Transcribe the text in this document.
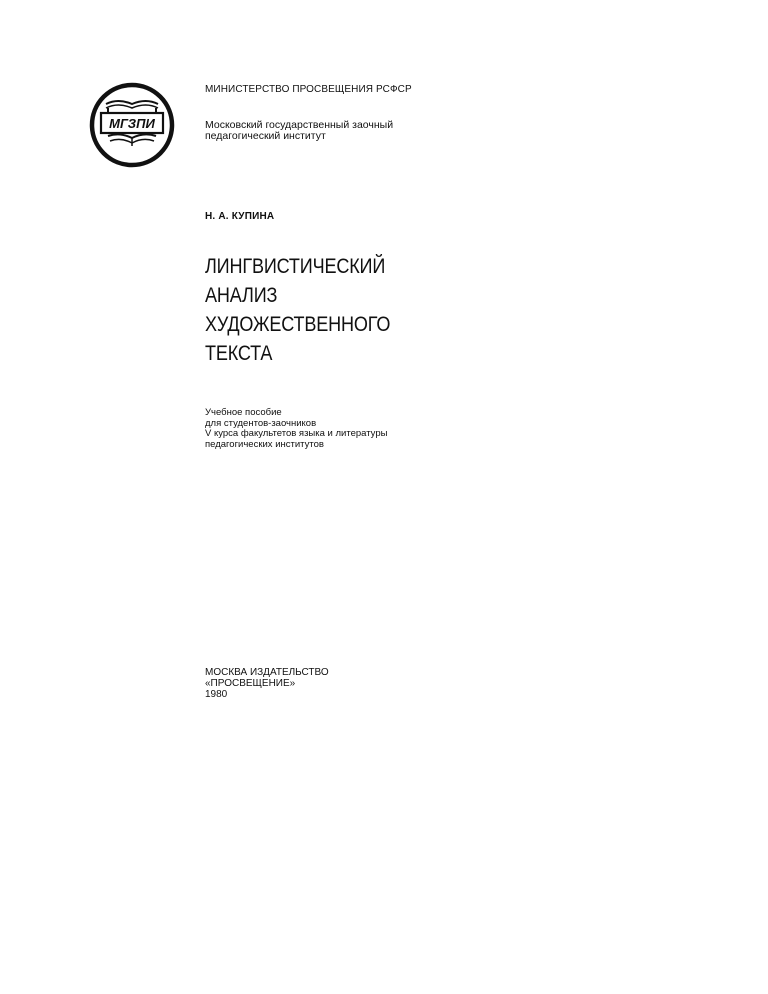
МГЗПИ
МИНИСТЕРСТВО ПРОСВЕЩЕНИЯ РСФСР
Московский государственный заочный
педагогический институт
Н. А. КУПИНА
ЛИНГВИСТИЧЕСКИЙ
АНАЛИЗ
ХУДОЖЕСТВЕННОГО
ТЕКСТА
Учебное пособие
для студентов-заочников
V курса факультетов языка и литературы
педагогических институтов
МОСКВА ИЗДАТЕЛЬСТВО
«ПРОСВЕЩЕНИЕ»
1980
